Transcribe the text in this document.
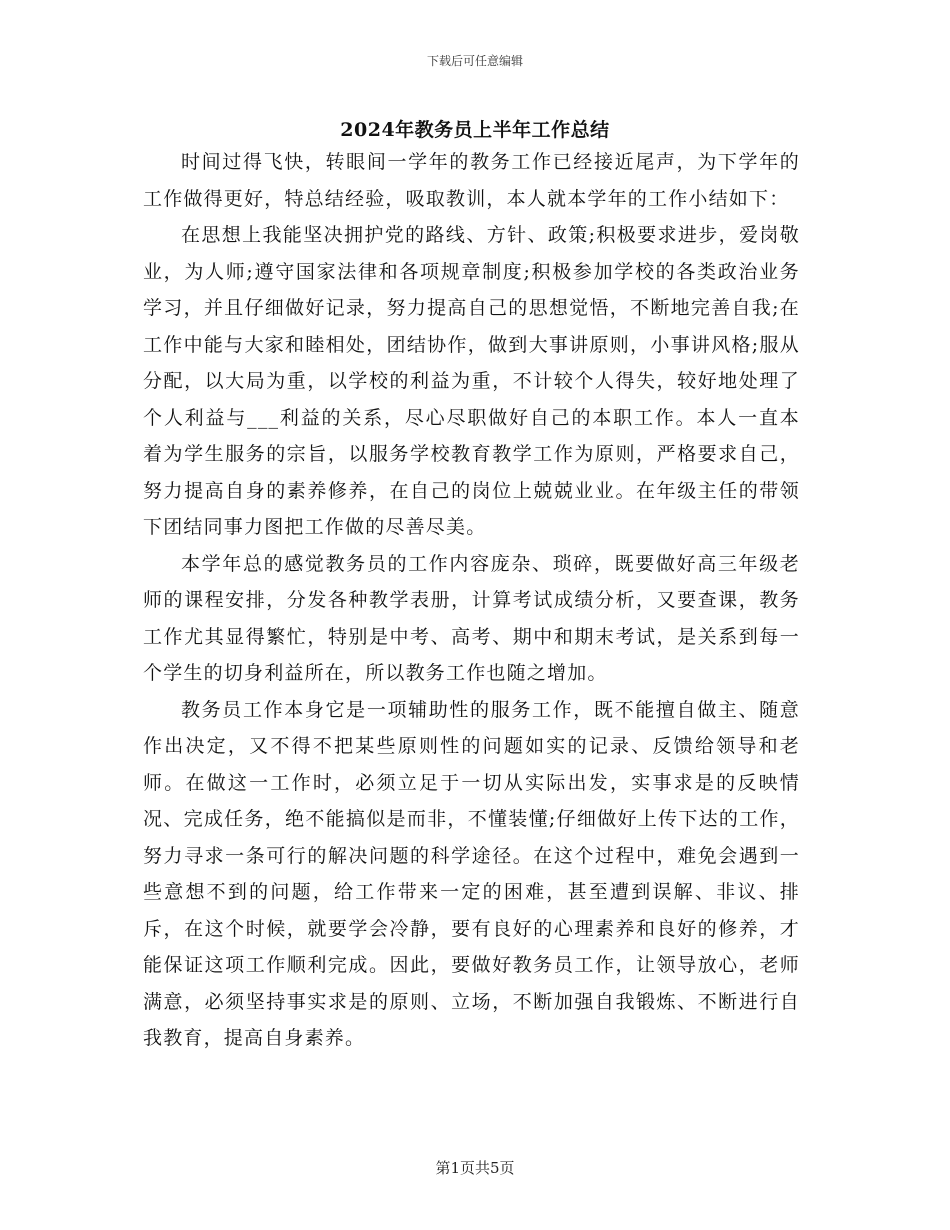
下载后可任意编辑
2024年教务员上半年工作总结

时间过得飞快，转眼间一学年的教务工作已经接近尾声，为下学年的工作做得更好，特总结经验，吸取教训，本人就本学年的工作小结如下：

在思想上我能坚决拥护党的路线、方针、政策;积极要求进步，爱岗敬业，为人师;遵守国家法律和各项规章制度;积极参加学校的各类政治业务学习，并且仔细做好记录，努力提高自己的思想觉悟，不断地完善自我;在工作中能与大家和睦相处，团结协作，做到大事讲原则，小事讲风格;服从分配，以大局为重，以学校的利益为重，不计较个人得失，较好地处理了个人利益与___利益的关系，尽心尽职做好自己的本职工作。本人一直本着为学生服务的宗旨，以服务学校教育教学工作为原则，严格要求自己，努力提高自身的素养修养，在自己的岗位上兢兢业业。在年级主任的带领下团结同事力图把工作做的尽善尽美。

本学年总的感觉教务员的工作内容庞杂、琐碎，既要做好高三年级老师的课程安排，分发各种教学表册，计算考试成绩分析，又要查课，教务工作尤其显得繁忙，特别是中考、高考、期中和期末考试，是关系到每一个学生的切身利益所在，所以教务工作也随之增加。

教务员工作本身它是一项辅助性的服务工作，既不能擅自做主、随意作出决定，又不得不把某些原则性的问题如实的记录、反馈给领导和老师。在做这一工作时，必须立足于一切从实际出发，实事求是的反映情况、完成任务，绝不能搞似是而非，不懂装懂;仔细做好上传下达的工作，努力寻求一条可行的解决问题的科学途径。在这个过程中，难免会遇到一些意想不到的问题，给工作带来一定的困难，甚至遭到误解、非议、排斥，在这个时候，就要学会冷静，要有良好的心理素养和良好的修养，才能保证这项工作顺利完成。因此，要做好教务员工作，让领导放心，老师满意，必须坚持事实求是的原则、立场，不断加强自我锻炼、不断进行自我教育，提高自身素养。

第1页共5页
